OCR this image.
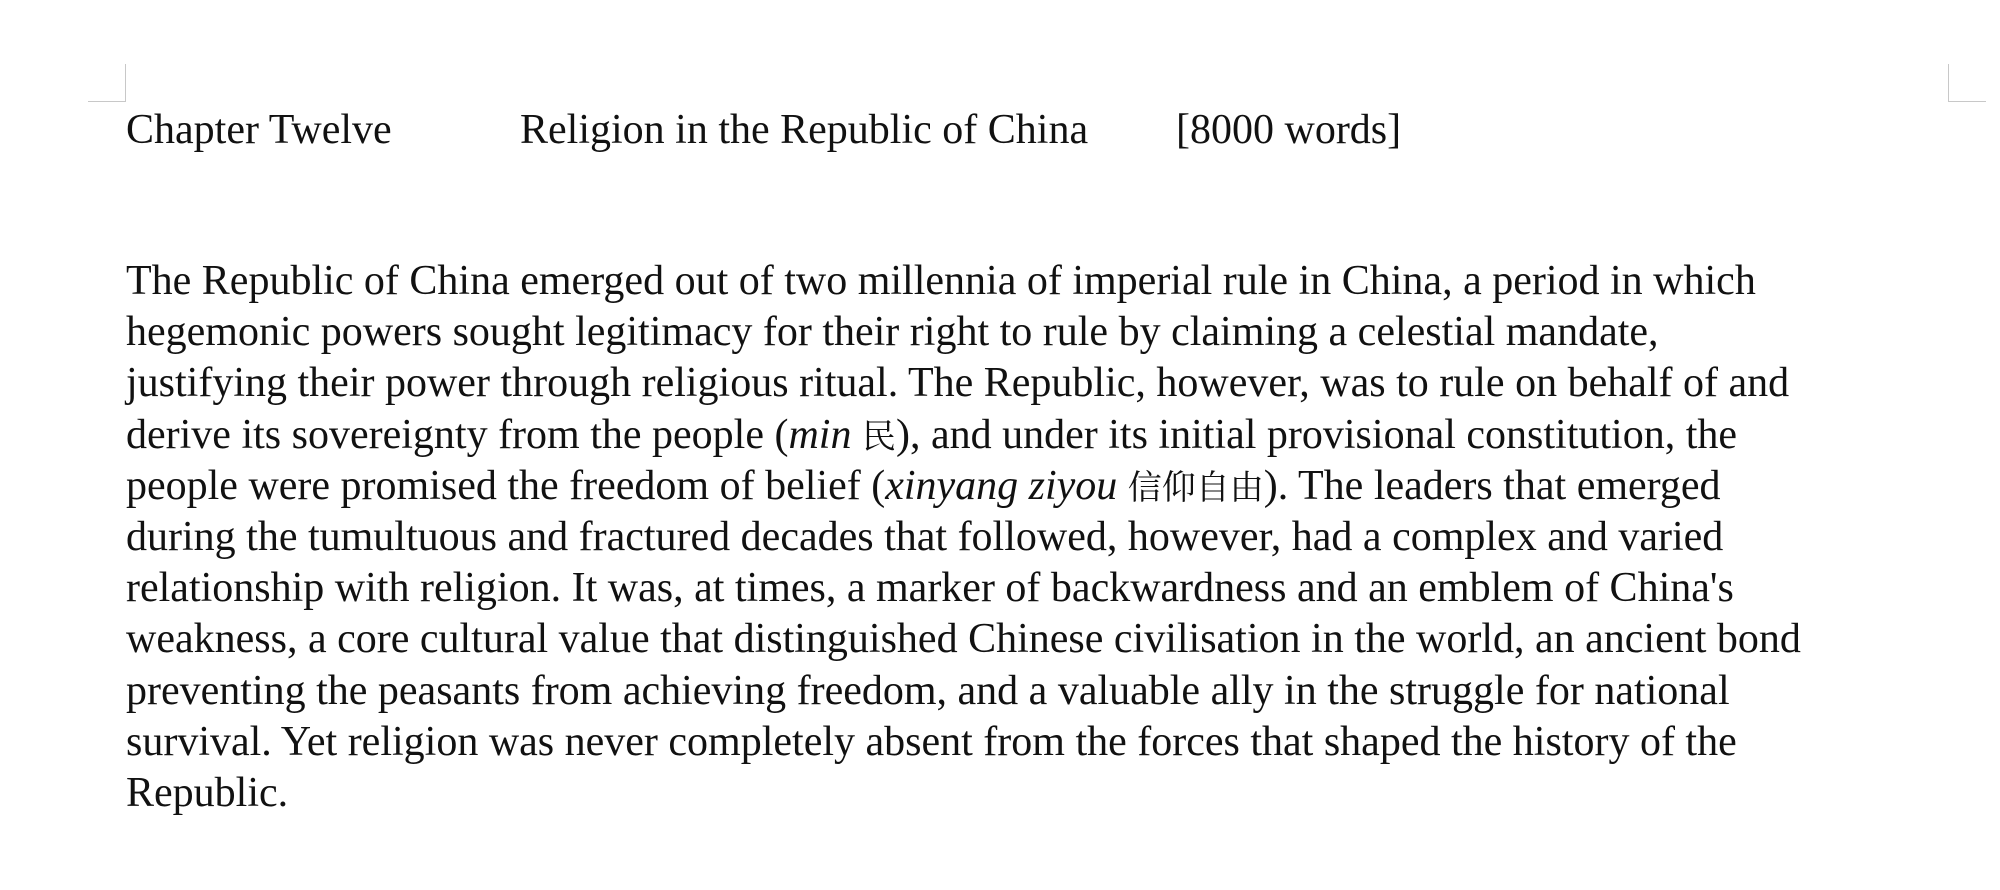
Chapter Twelve	Religion in the Republic of China [8000 words]
The Republic of China emerged out of two millennia of imperial rule in China, a period in which
hegemonic powers sought legitimacy for their right to rule by claiming a celestial mandate,
justifying their power through religious ritual. The Republic, however, was to rule on behalf of and
derive its sovereignty from the people (min 民), and under its initial provisional constitution, the
people were promised the freedom of belief (xinyang ziyou 信仰自由). The leaders that emerged
during the tumultuous and fractured decades that followed, however, had a complex and varied
relationship with religion. It was, at times, a marker of backwardness and an emblem of China's
weakness, a core cultural value that distinguished Chinese civilisation in the world, an ancient bond
preventing the peasants from achieving freedom, and a valuable ally in the struggle for national
survival. Yet religion was never completely absent from the forces that shaped the history of the
Republic.
